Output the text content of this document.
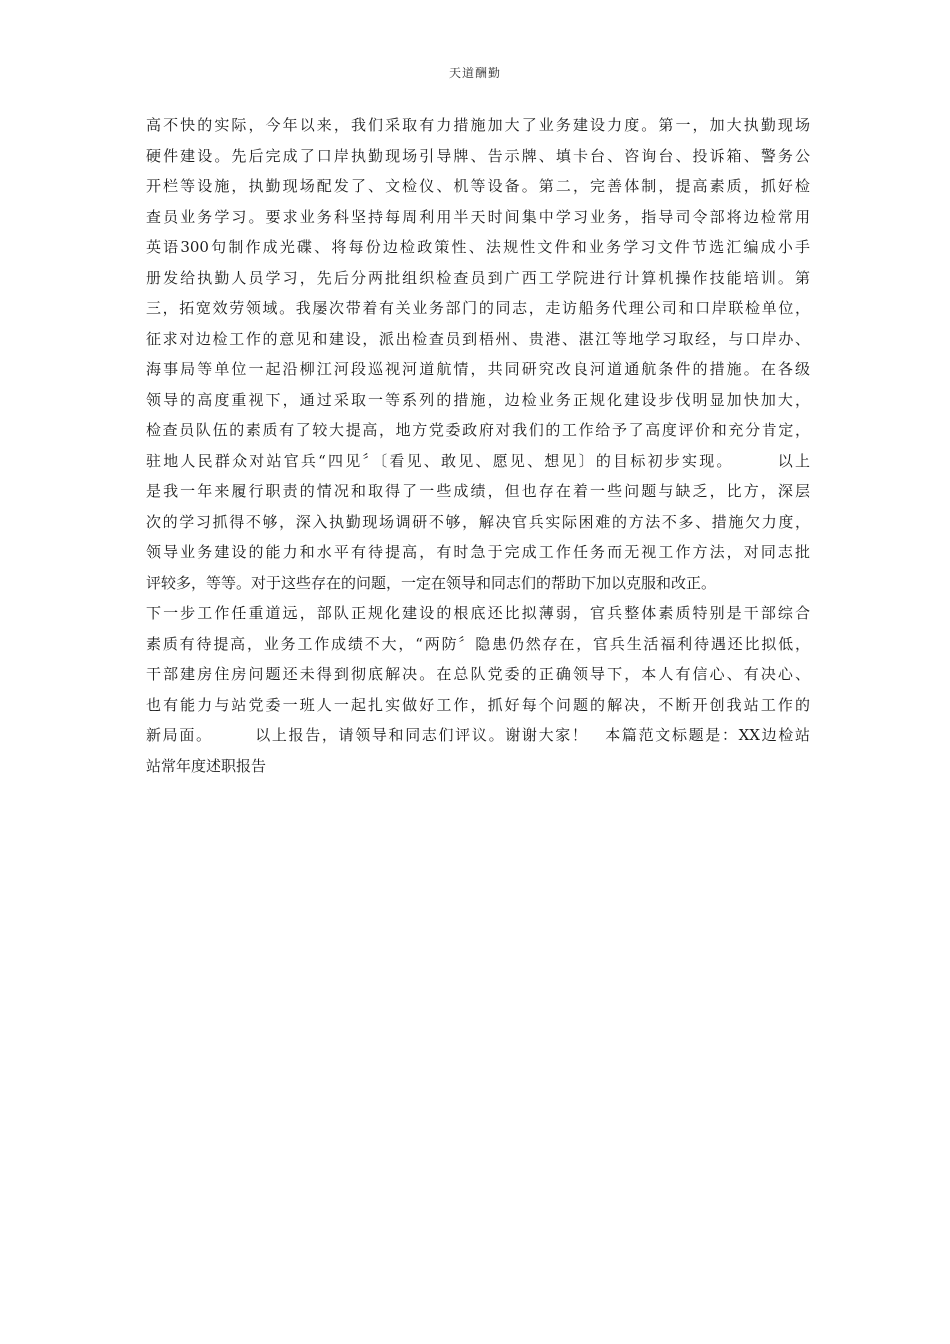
天道酬勤
高不快的实际，今年以来，我们采取有力措施加大了业务建设力度。第一，加大执勤现场
硬件建设。先后完成了口岸执勤现场引导牌、告示牌、填卡台、咨询台、投诉箱、警务公
开栏等设施，执勤现场配发了、文检仪、机等设备。第二，完善体制，提高素质，抓好检
查员业务学习。要求业务科坚持每周利用半天时间集中学习业务，指导司令部将边检常用
英语300句制作成光碟、将每份边检政策性、法规性文件和业务学习文件节选汇编成小手
册发给执勤人员学习，先后分两批组织检查员到广西工学院进行计算机操作技能培训。第
三，拓宽效劳领域。我屡次带着有关业务部门的同志，走访船务代理公司和口岸联检单位，
征求对边检工作的意见和建设，派出检查员到梧州、贵港、湛江等地学习取经，与口岸办、
海事局等单位一起沿柳江河段巡视河道航情，共同研究改良河道通航条件的措施。在各级
领导的高度重视下，通过采取一等系列的措施，边检业务正规化建设步伐明显加快加大，
检查员队伍的素质有了较大提高，地方党委政府对我们的工作给予了高度评价和充分肯定，
驻地人民群众对站官兵“四见〞〔看见、敢见、愿见、想见〕的目标初步实现。　　　以上
是我一年来履行职责的情况和取得了一些成绩，但也存在着一些问题与缺乏，比方，深层
次的学习抓得不够，深入执勤现场调研不够，解决官兵实际困难的方法不多、措施欠力度，
领导业务建设的能力和水平有待提高，有时急于完成工作任务而无视工作方法，对同志批
评较多，等等。对于这些存在的问题，一定在领导和同志们的帮助下加以克服和改正。
下一步工作任重道远，部队正规化建设的根底还比拟薄弱，官兵整体素质特别是干部综合
素质有待提高，业务工作成绩不大，“两防〞隐患仍然存在，官兵生活福利待遇还比拟低，
干部建房住房问题还未得到彻底解决。在总队党委的正确领导下，本人有信心、有决心、
也有能力与站党委一班人一起扎实做好工作，抓好每个问题的解决，不断开创我站工作的
新局面。　　　以上报告，请领导和同志们评议。谢谢大家！　本篇范文标题是：XX边检站
站常年度述职报告
